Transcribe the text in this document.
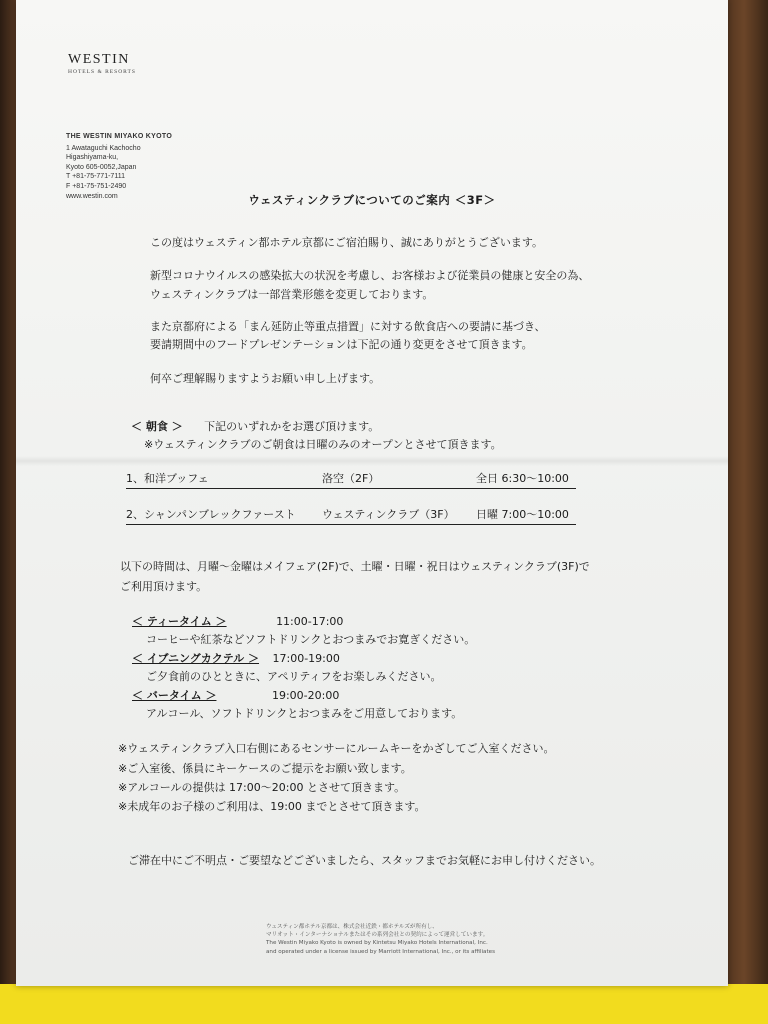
WESTIN
HOTELS & RESORTS
THE WESTIN MIYAKO KYOTO
1 Awataguchi Kachocho
Higashiyama-ku,
Kyoto 605-0052,Japan
T +81-75-771-7111
F +81-75-751-2490
www.westin.com	ウェスティンクラブについてのご案内 ＜3F＞
この度はウェスティン都ホテル京都にご宿泊賜り、誠にありがとうございます。
新型コロナウイルスの感染拡大の状況を考慮し、お客様および従業員の健康と安全の為、
ウェスティンクラブは一部営業形態を変更しております。
また京都府による「まん延防止等重点措置」に対する飲食店への要請に基づき、
要請期間中のフードプレゼンテーションは下記の通り変更をさせて頂きます。
何卒ご理解賜りますようお願い申し上げます。
＜ 朝食 ＞ 下記のいずれかをお選び頂けます。
※ウェスティンクラブのご朝食は日曜のみのオープンとさせて頂きます。
1、和洋ブッフェ	洛空（2F）	全日 6:30～10:00
2、シャンパンブレックファースト ウェスティンクラブ（3F） 日曜 7:00～10:00
以下の時間は、月曜～金曜はメイフェア(2F)で、土曜・日曜・祝日はウェスティンクラブ(3F)で
ご利用頂けます。
＜ ティータイム ＞	11:00-17:00
コーヒーや紅茶などソフトドリンクとおつまみでお寛ぎください。
＜ イブニングカクテル ＞ 17:00-19:00
ご夕食前のひとときに、アペリティフをお楽しみください。
＜ バータイム ＞	19:00-20:00
アルコール、ソフトドリンクとおつまみをご用意しております。
※ウェスティンクラブ入口右側にあるセンサーにルームキーをかざしてご入室ください。
※ご入室後、係員にキーケースのご提示をお願い致します。
※アルコールの提供は 17:00～20:00 とさせて頂きます。
※未成年のお子様のご利用は、19:00 までとさせて頂きます。
ご滞在中にご不明点・ご要望などございましたら、スタッフまでお気軽にお申し付けください。
ウェスティン都ホテル京都は、株式会社近鉄・都ホテルズが所有し、
マリオット・インターナショナルまたはその系列会社との契約によって運営しています。
The Westin Miyako Kyoto is owned by Kintetsu Miyako Hotels International, Inc.
and operated under a license issued by Marriott International, Inc., or its affiliates
